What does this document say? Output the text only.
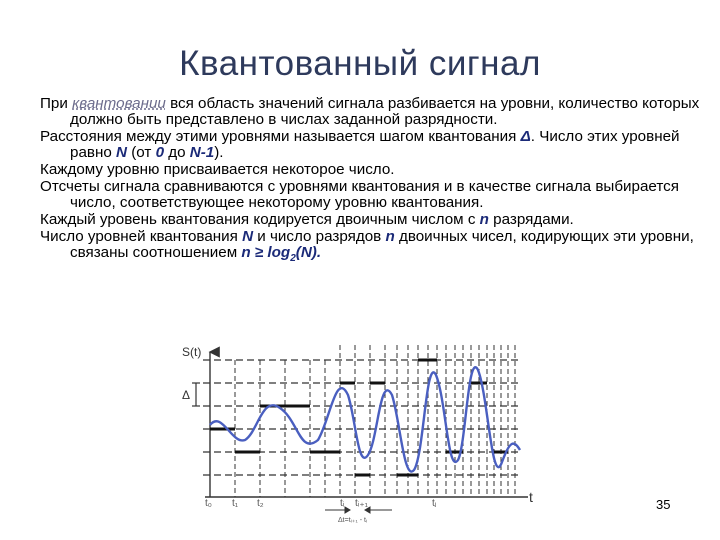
Квантованный сигнал

При квантовании вся область значений сигнала разбивается на уровни, количество которых должно быть представлено в числах заданной разрядности.

Расстояния между этими уровнями называется шагом квантования Δ. Число этих уровней равно N (от 0 до N-1).

Каждому уровню присваивается некоторое число.

Отсчеты сигнала сравниваются с уровнями квантования и в качестве сигнала выбирается число, соответствующее некоторому уровню квантования.

Каждый уровень квантования кодируется двоичным числом с n разрядами.

Число уровней квантования N и число разрядов n двоичных чисел, кодирующих эти уровни, связаны соотношением $n \ge \log_2(N)$.

S(t)
Δ
t
t₀ t₁ t₂	tᵢ tᵢ₊₁	tⱼ
Δt=tᵢ₊₁ - tᵢ
35
